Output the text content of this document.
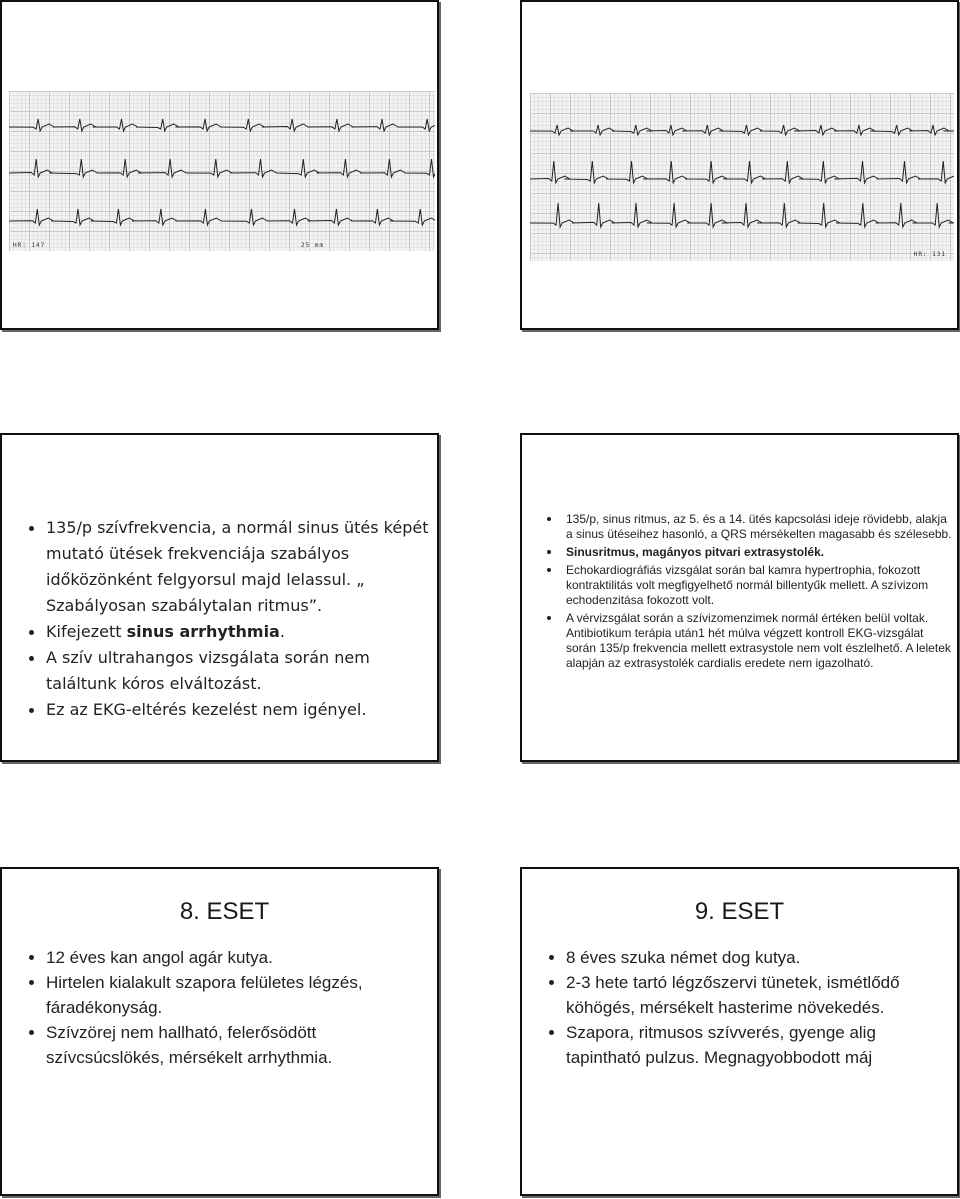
HR: 147	25 mm
HR: 131
135/p szívfrekvencia, a normál sinus ütés képét mutató ütések frekvenciája szabályos időközönként felgyorsul majd lelassul. „ Szabályosan szabálytalan ritmus”.
Kifejezett sinus arrhythmia.
A szív ultrahangos vizsgálata során nem találtunk kóros elváltozást.
Ez az EKG-eltérés kezelést nem igényel.
135/p, sinus ritmus, az 5. és a 14. ütés kapcsolási ideje rövidebb, alakja a sinus ütéseihez hasonló, a QRS mérsékelten magasabb és szélesebb.
Sinusritmus, magányos pitvari extrasystolék.
Echokardiográfiás vizsgálat során bal kamra hypertrophia, fokozott kontraktilitás volt megfigyelhető normál billentyűk mellett. A szívizom echodenzitása fokozott volt.
A vérvizsgálat során a szívizomenzimek normál értéken belül voltak. Antibiotikum terápia után1 hét múlva végzett kontroll EKG-vizsgálat során 135/p frekvencia mellett extrasystole nem volt észlelhető. A leletek alapján az extrasystolék cardialis eredete nem igazolható.
8. ESET
12 éves kan angol agár kutya.
Hirtelen kialakult szapora felületes légzés, fáradékonyság.
Szívzörej nem hallható, felerősödött szívcsúcslökés, mérsékelt arrhythmia.
9. ESET
8 éves szuka német dog kutya.
2-3 hete tartó légzőszervi tünetek, ismétlődő köhögés, mérsékelt hasterime növekedés.
Szapora, ritmusos szívverés, gyenge alig tapintható pulzus. Megnagyobbodott máj
